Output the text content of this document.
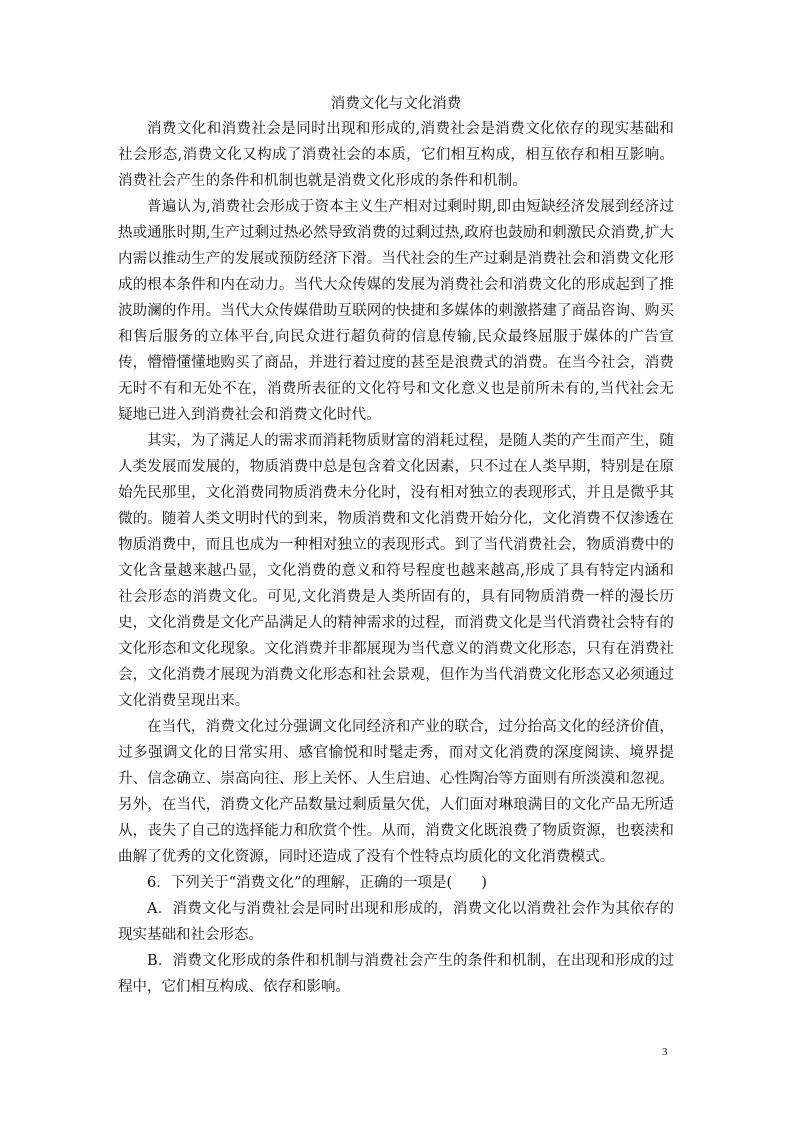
消费文化与文化消费

消费文化和消费社会是同时出现和形成的,消费社会是消费文化依存的现实基础和社会形态,消费文化又构成了消费社会的本质，它们相互构成，相互依存和相互影响。消费社会产生的条件和机制也就是消费文化形成的条件和机制。

普遍认为,消费社会形成于资本主义生产相对过剩时期,即由短缺经济发展到经济过热或通胀时期,生产过剩过热必然导致消费的过剩过热,政府也鼓励和刺激民众消费,扩大内需以推动生产的发展或预防经济下滑。当代社会的生产过剩是消费社会和消费文化形成的根本条件和内在动力。当代大众传媒的发展为消费社会和消费文化的形成起到了推波助澜的作用。当代大众传媒借助互联网的快捷和多媒体的刺激搭建了商品咨询、购买和售后服务的立体平台,向民众进行超负荷的信息传输,民众最终屈服于媒体的广告宣传，懵懵懂懂地购买了商品，并进行着过度的甚至是浪费式的消费。在当今社会，消费无时不有和无处不在，消费所表征的文化符号和文化意义也是前所未有的,当代社会无疑地已进入到消费社会和消费文化时代。

其实，为了满足人的需求而消耗物质财富的消耗过程，是随人类的产生而产生，随人类发展而发展的，物质消费中总是包含着文化因素，只不过在人类早期，特别是在原始先民那里，文化消费同物质消费未分化时，没有相对独立的表现形式，并且是微乎其微的。随着人类文明时代的到来，物质消费和文化消费开始分化，文化消费不仅渗透在物质消费中，而且也成为一种相对独立的表现形式。到了当代消费社会，物质消费中的文化含量越来越凸显，文化消费的意义和符号程度也越来越高,形成了具有特定内涵和社会形态的消费文化。可见,文化消费是人类所固有的，具有同物质消费一样的漫长历史，文化消费是文化产品满足人的精神需求的过程，而消费文化是当代消费社会特有的文化形态和文化现象。文化消费并非都展现为当代意义的消费文化形态，只有在消费社会，文化消费才展现为消费文化形态和社会景观，但作为当代消费文化形态又必须通过文化消费呈现出来。

在当代，消费文化过分强调文化同经济和产业的联合，过分抬高文化的经济价值，过多强调文化的日常实用、感官愉悦和时髦走秀，而对文化消费的深度阅读、境界提升、信念确立、崇高向往、形上关怀、人生启迪、心性陶冶等方面则有所淡漠和忽视。另外，在当代，消费文化产品数量过剩质量欠优，人们面对琳琅满目的文化产品无所适从，丧失了自己的选择能力和欣赏个性。从而，消费文化既浪费了物质资源，也亵渎和曲解了优秀的文化资源，同时还造成了没有个性特点均质化的文化消费模式。

6．下列关于“消费文化”的理解，正确的一项是(　　)

A．消费文化与消费社会是同时出现和形成的，消费文化以消费社会作为其依存的现实基础和社会形态。

B．消费文化形成的条件和机制与消费社会产生的条件和机制，在出现和形成的过程中，它们相互构成、依存和影响。

3
